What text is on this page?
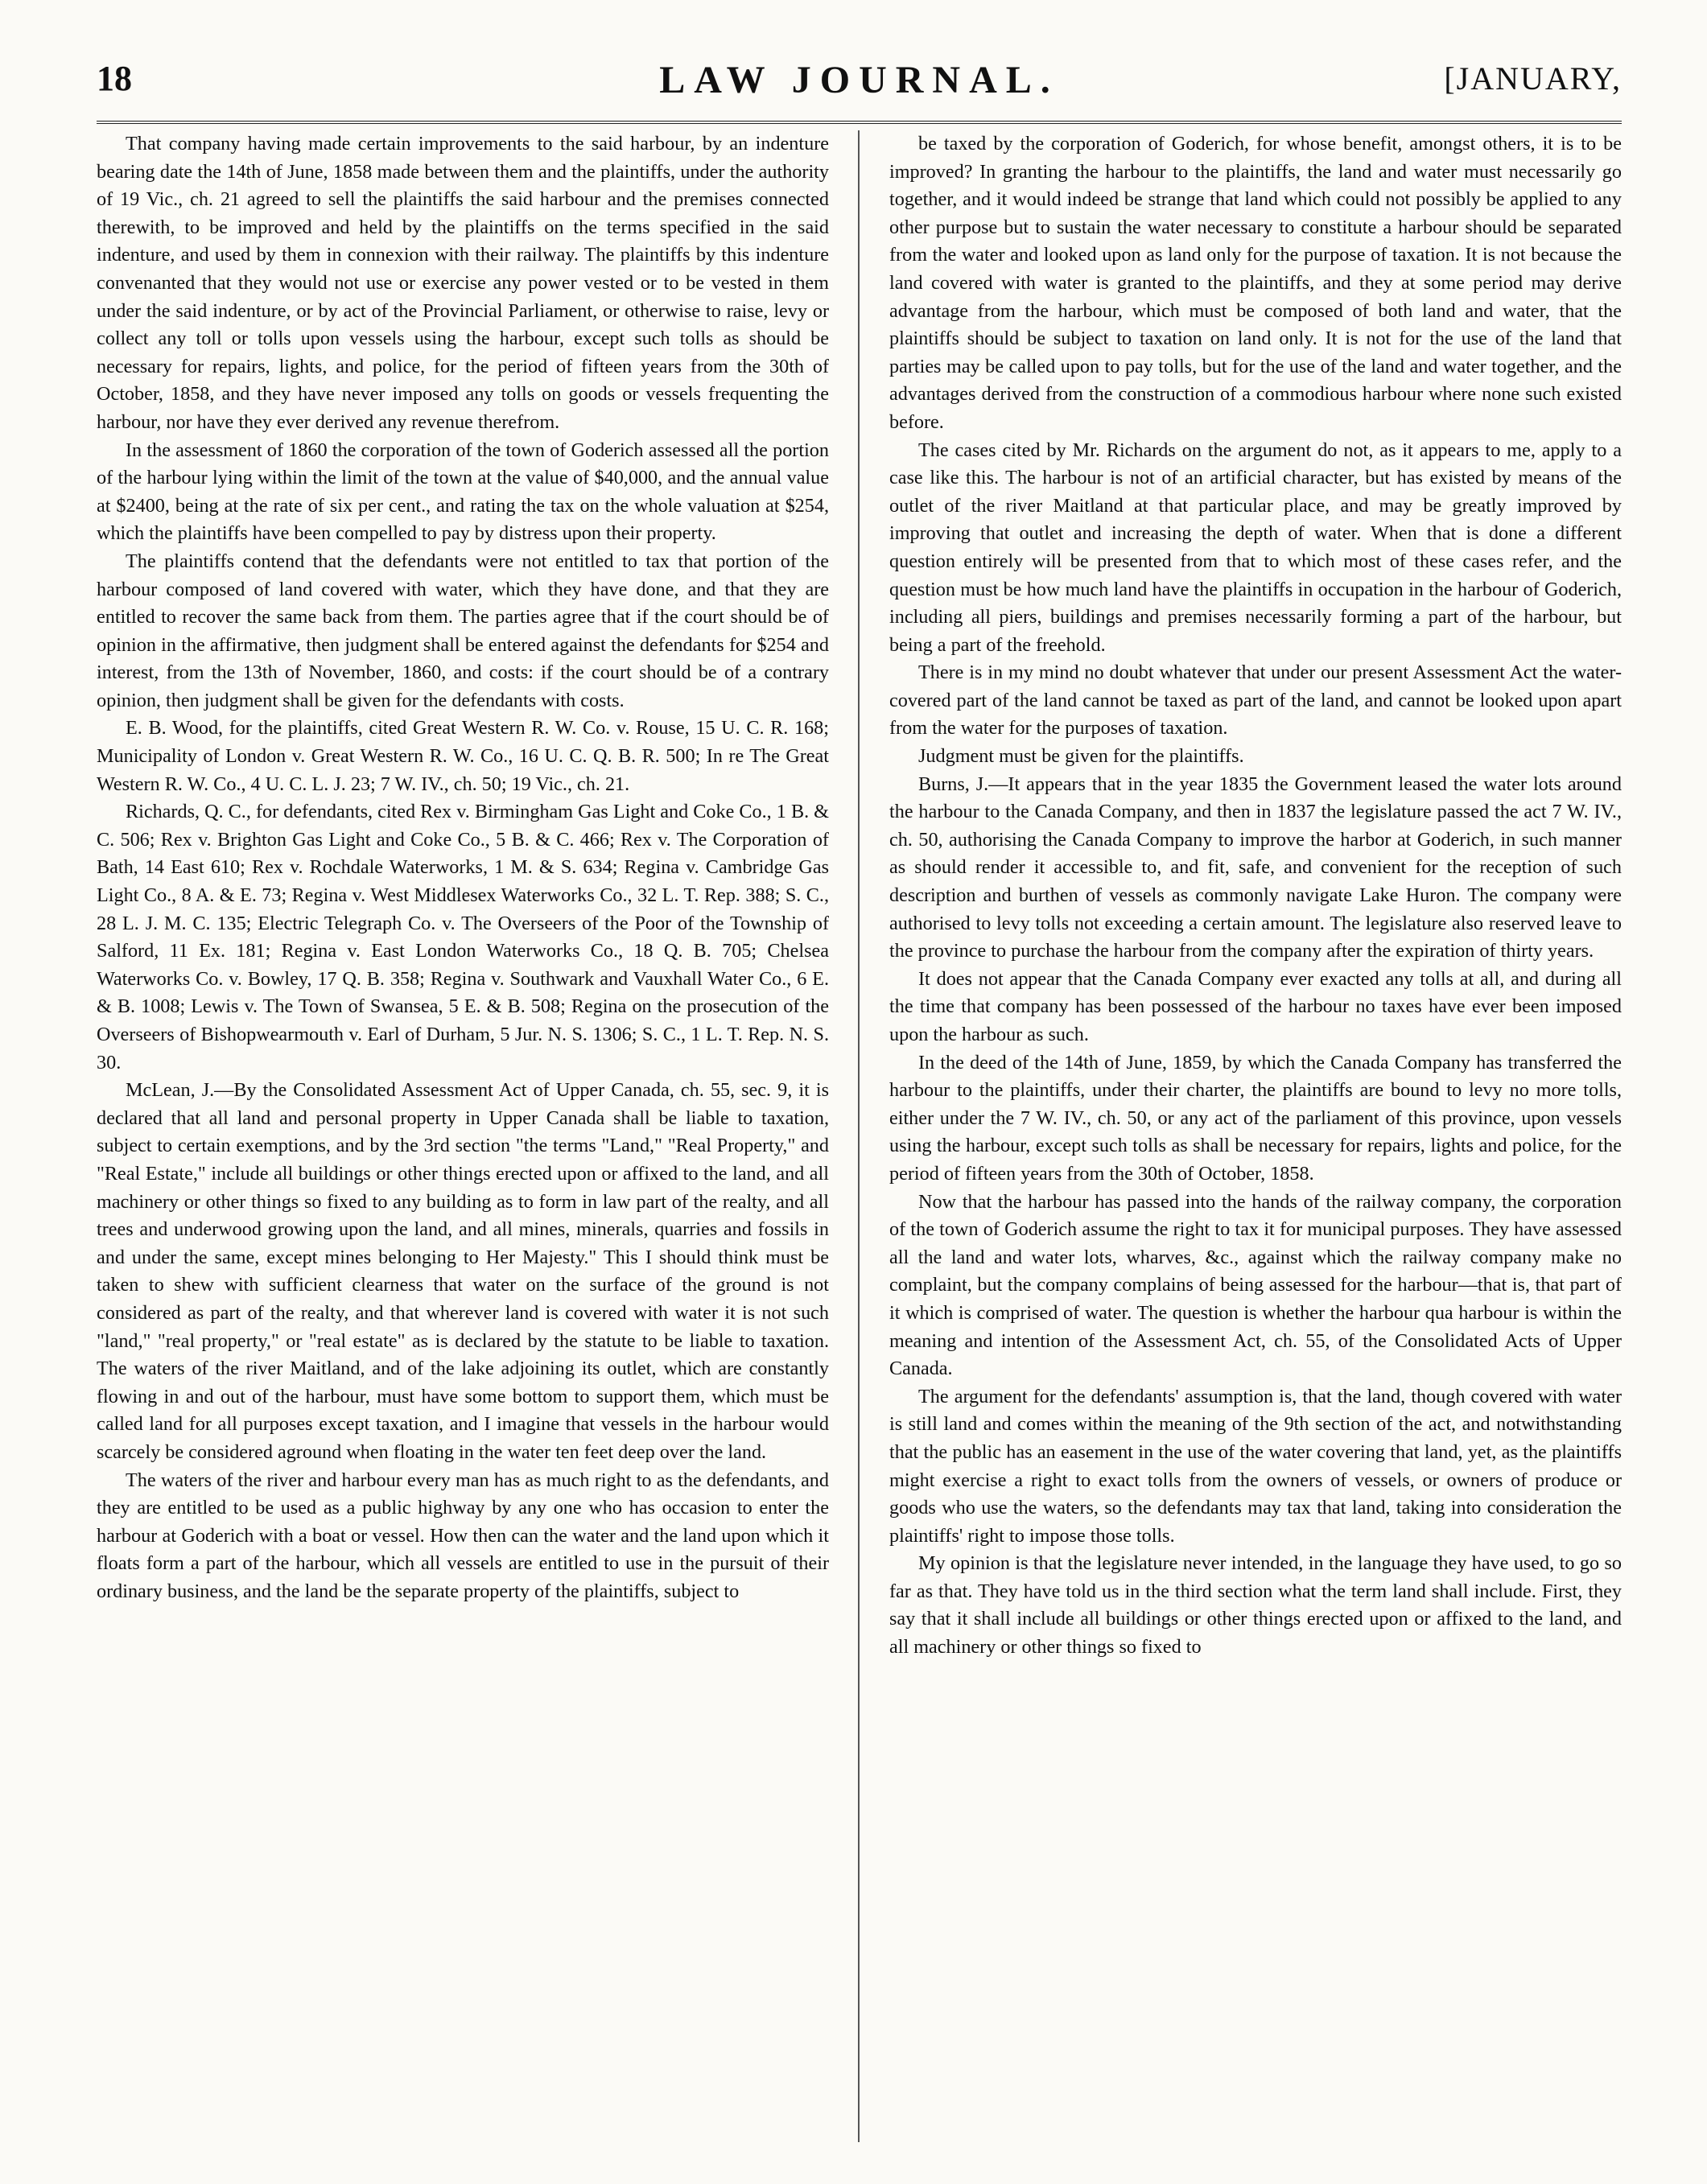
18	LAW JOURNAL.	[JANUARY,

That company having made certain improvements to the said harbour, by an indenture bearing date the 14th of June, 1858 made between them and the plaintiffs, under the authority of 19 Vic., ch. 21 agreed to sell the plaintiffs the said harbour and the premises connected therewith, to be improved and held by the plaintiffs on the terms specified in the said indenture, and used by them in connexion with their railway. The plaintiffs by this indenture convenanted that they would not use or exercise any power vested or to be vested in them under the said indenture, or by act of the Provincial Parliament, or otherwise to raise, levy or collect any toll or tolls upon vessels using the harbour, except such tolls as should be necessary for repairs, lights, and police, for the period of fifteen years from the 30th of October, 1858, and they have never imposed any tolls on goods or vessels frequenting the harbour, nor have they ever derived any revenue therefrom.

In the assessment of 1860 the corporation of the town of Goderich assessed all the portion of the harbour lying within the limit of the town at the value of $40,000, and the annual value at $2400, being at the rate of six per cent., and rating the tax on the whole valuation at $254, which the plaintiffs have been compelled to pay by distress upon their property.

The plaintiffs contend that the defendants were not entitled to tax that portion of the harbour composed of land covered with water, which they have done, and that they are entitled to recover the same back from them. The parties agree that if the court should be of opinion in the affirmative, then judgment shall be entered against the defendants for $254 and interest, from the 13th of November, 1860, and costs: if the court should be of a contrary opinion, then judgment shall be given for the defendants with costs.

E. B. Wood, for the plaintiffs, cited Great Western R. W. Co. v. Rouse, 15 U. C. R. 168; Municipality of London v. Great Western R. W. Co., 16 U. C. Q. B. R. 500; In re The Great Western R. W. Co., 4 U. C. L. J. 23; 7 W. IV., ch. 50; 19 Vic., ch. 21.

Richards, Q. C., for defendants, cited Rex v. Birmingham Gas Light and Coke Co., 1 B. & C. 506; Rex v. Brighton Gas Light and Coke Co., 5 B. & C. 466; Rex v. The Corporation of Bath, 14 East 610; Rex v. Rochdale Waterworks, 1 M. & S. 634; Regina v. Cambridge Gas Light Co., 8 A. & E. 73; Regina v. West Middlesex Waterworks Co., 32 L. T. Rep. 388; S. C., 28 L. J. M. C. 135; Electric Telegraph Co. v. The Overseers of the Poor of the Township of Salford, 11 Ex. 181; Regina v. East London Waterworks Co., 18 Q. B. 705; Chelsea Waterworks Co. v. Bowley, 17 Q. B. 358; Regina v. Southwark and Vauxhall Water Co., 6 E. & B. 1008; Lewis v. The Town of Swansea, 5 E. & B. 508; Regina on the prosecution of the Overseers of Bishopwearmouth v. Earl of Durham, 5 Jur. N. S. 1306; S. C., 1 L. T. Rep. N. S. 30.

McLean, J.—By the Consolidated Assessment Act of Upper Canada, ch. 55, sec. 9, it is declared that all land and personal property in Upper Canada shall be liable to taxation, subject to certain exemptions, and by the 3rd section "the terms "Land," "Real Property," and "Real Estate," include all buildings or other things erected upon or affixed to the land, and all machinery or other things so fixed to any building as to form in law part of the realty, and all trees and underwood growing upon the land, and all mines, minerals, quarries and fossils in and under the same, except mines belonging to Her Majesty." This I should think must be taken to shew with sufficient clearness that water on the surface of the ground is not considered as part of the realty, and that wherever land is covered with water it is not such "land," "real property," or "real estate" as is declared by the statute to be liable to taxation. The waters of the river Maitland, and of the lake adjoining its outlet, which are constantly flowing in and out of the harbour, must have some bottom to support them, which must be called land for all purposes except taxation, and I imagine that vessels in the harbour would scarcely be considered aground when floating in the water ten feet deep over the land.

The waters of the river and harbour every man has as much right to as the defendants, and they are entitled to be used as a public highway by any one who has occasion to enter the harbour at Goderich with a boat or vessel. How then can the water and the land upon which it floats form a part of the harbour, which all vessels are entitled to use in the pursuit of their ordinary business, and the land be the separate property of the plaintiffs, subject to

be taxed by the corporation of Goderich, for whose benefit, amongst others, it is to be improved? In granting the harbour to the plaintiffs, the land and water must necessarily go together, and it would indeed be strange that land which could not possibly be applied to any other purpose but to sustain the water necessary to constitute a harbour should be separated from the water and looked upon as land only for the purpose of taxation. It is not because the land covered with water is granted to the plaintiffs, and they at some period may derive advantage from the harbour, which must be composed of both land and water, that the plaintiffs should be subject to taxation on land only. It is not for the use of the land that parties may be called upon to pay tolls, but for the use of the land and water together, and the advantages derived from the construction of a commodious harbour where none such existed before.

The cases cited by Mr. Richards on the argument do not, as it appears to me, apply to a case like this. The harbour is not of an artificial character, but has existed by means of the outlet of the river Maitland at that particular place, and may be greatly improved by improving that outlet and increasing the depth of water. When that is done a different question entirely will be presented from that to which most of these cases refer, and the question must be how much land have the plaintiffs in occupation in the harbour of Goderich, including all piers, buildings and premises necessarily forming a part of the harbour, but being a part of the freehold.

There is in my mind no doubt whatever that under our present Assessment Act the water-covered part of the land cannot be taxed as part of the land, and cannot be looked upon apart from the water for the purposes of taxation.

Judgment must be given for the plaintiffs.

Burns, J.—It appears that in the year 1835 the Government leased the water lots around the harbour to the Canada Company, and then in 1837 the legislature passed the act 7 W. IV., ch. 50, authorising the Canada Company to improve the harbor at Goderich, in such manner as should render it accessible to, and fit, safe, and convenient for the reception of such description and burthen of vessels as commonly navigate Lake Huron. The company were authorised to levy tolls not exceeding a certain amount. The legislature also reserved leave to the province to purchase the harbour from the company after the expiration of thirty years.

It does not appear that the Canada Company ever exacted any tolls at all, and during all the time that company has been possessed of the harbour no taxes have ever been imposed upon the harbour as such.

In the deed of the 14th of June, 1859, by which the Canada Company has transferred the harbour to the plaintiffs, under their charter, the plaintiffs are bound to levy no more tolls, either under the 7 W. IV., ch. 50, or any act of the parliament of this province, upon vessels using the harbour, except such tolls as shall be necessary for repairs, lights and police, for the period of fifteen years from the 30th of October, 1858.

Now that the harbour has passed into the hands of the railway company, the corporation of the town of Goderich assume the right to tax it for municipal purposes. They have assessed all the land and water lots, wharves, &c., against which the railway company make no complaint, but the company complains of being assessed for the harbour—that is, that part of it which is comprised of water. The question is whether the harbour qua harbour is within the meaning and intention of the Assessment Act, ch. 55, of the Consolidated Acts of Upper Canada.

The argument for the defendants' assumption is, that the land, though covered with water is still land and comes within the meaning of the 9th section of the act, and notwithstanding that the public has an easement in the use of the water covering that land, yet, as the plaintiffs might exercise a right to exact tolls from the owners of vessels, or owners of produce or goods who use the waters, so the defendants may tax that land, taking into consideration the plaintiffs' right to impose those tolls.

My opinion is that the legislature never intended, in the language they have used, to go so far as that. They have told us in the third section what the term land shall include. First, they say that it shall include all buildings or other things erected upon or affixed to the land, and all machinery or other things so fixed to
